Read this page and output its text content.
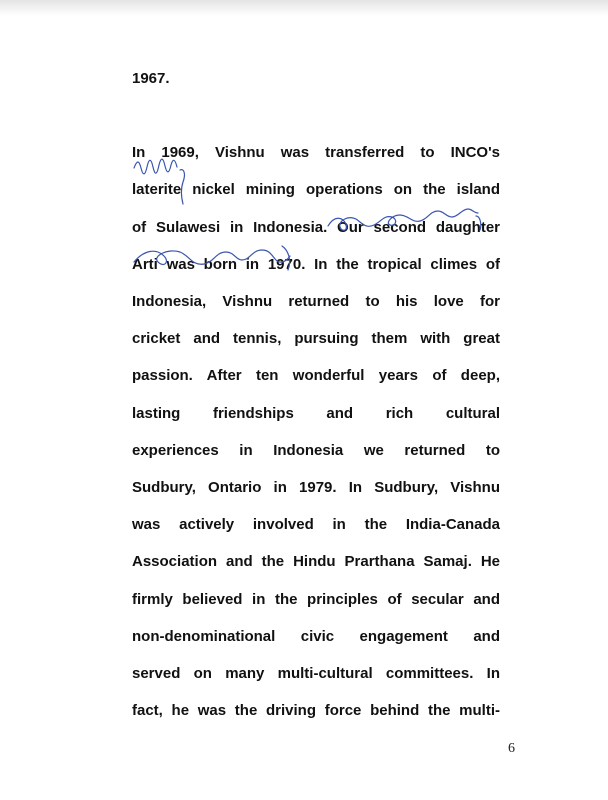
1967.

In 1969, Vishnu was transferred to INCO's
laterite nickel mining operations on the island
of Sulawesi in Indonesia. Our second daughter
Arti was born in 1970. In the tropical climes of
Indonesia, Vishnu returned to his love for
cricket and tennis, pursuing them with great
passion. After ten wonderful years of deep,
lasting friendships and rich cultural
experiences in Indonesia we returned to
Sudbury, Ontario in 1979. In Sudbury, Vishnu
was actively involved in the India-Canada
Association and the Hindu Prarthana Samaj. He
firmly believed in the principles of secular and
non-denominational civic engagement and
served on many multi-cultural committees. In
fact, he was the driving force behind the multi-

6
